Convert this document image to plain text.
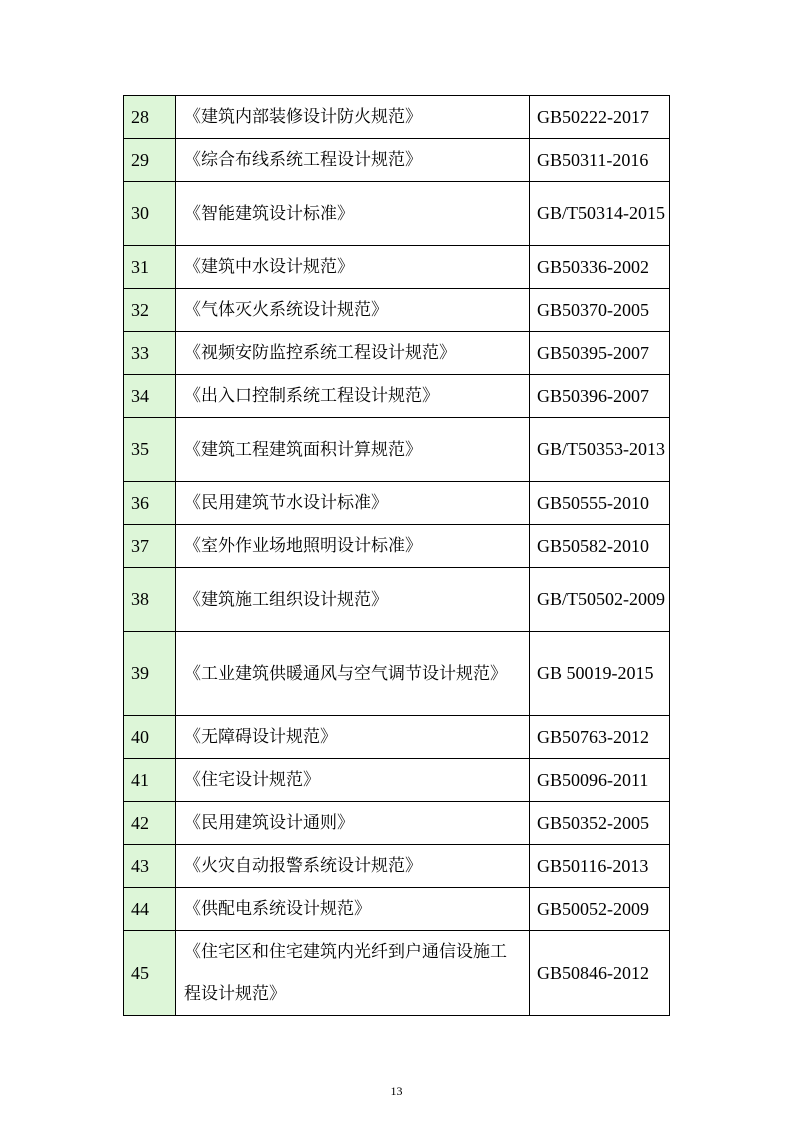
28	《建筑内部装修设计防火规范》	GB50222-2017
29	《综合布线系统工程设计规范》	GB50311-2016
30	《智能建筑设计标准》	GB/T50314-2015
31	《建筑中水设计规范》	GB50336-2002
32	《气体灭火系统设计规范》	GB50370-2005
33	《视频安防监控系统工程设计规范》	GB50395-2007
34	《出入口控制系统工程设计规范》	GB50396-2007
35	《建筑工程建筑面积计算规范》	GB/T50353-2013
36	《民用建筑节水设计标准》	GB50555-2010
37	《室外作业场地照明设计标准》	GB50582-2010
38	《建筑施工组织设计规范》	GB/T50502-2009
39	《工业建筑供暖通风与空气调节设计规范》	GB 50019-2015
40	《无障碍设计规范》	GB50763-2012
41	《住宅设计规范》	GB50096-2011
42	《民用建筑设计通则》	GB50352-2005
43	《火灾自动报警系统设计规范》	GB50116-2013
44	《供配电系统设计规范》	GB50052-2009
45	《住宅区和住宅建筑内光纤到户通信设施工程设计规范》	GB50846-2012
13
